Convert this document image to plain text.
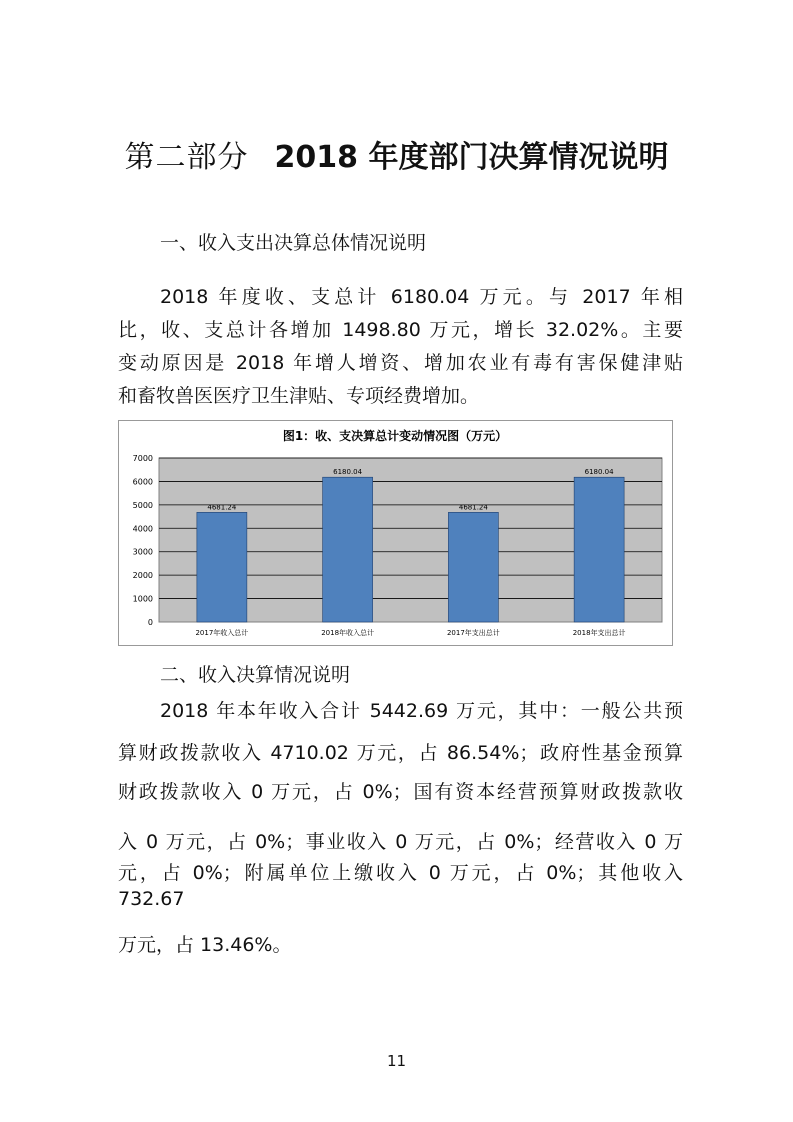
第二部分 2018 年度部门决算情况说明
一、收入支出决算总体情况说明
2018 年度收、支总计 6180.04 万元。与 2017 年相
比，收、支总计各增加 1498.80 万元，增长 32.02%。主要
变动原因是 2018 年增人增资、增加农业有毒有害保健津贴
和畜牧兽医医疗卫生津贴、专项经费增加。
图1：收、支决算总计变动情况图（万元）
0
1000
2000
3000
4000
5000
6000
7000
4681.24
2017年收入总计
6180.04
2018年收入总计
4681.24
2017年支出总计
6180.04
2018年支出总计
二、收入决算情况说明
2018 年本年收入合计 5442.69 万元，其中：一般公共预
算财政拨款收入 4710.02 万元，占 86.54%；政府性基金预算
财政拨款收入 0 万元，占 0%；国有资本经营预算财政拨款收
入 0 万元，占 0%；事业收入 0 万元，占 0%；经营收入 0 万
元，占 0%；附属单位上缴收入 0 万元，占 0%；其他收入
732.67
万元，占 13.46%。
11
